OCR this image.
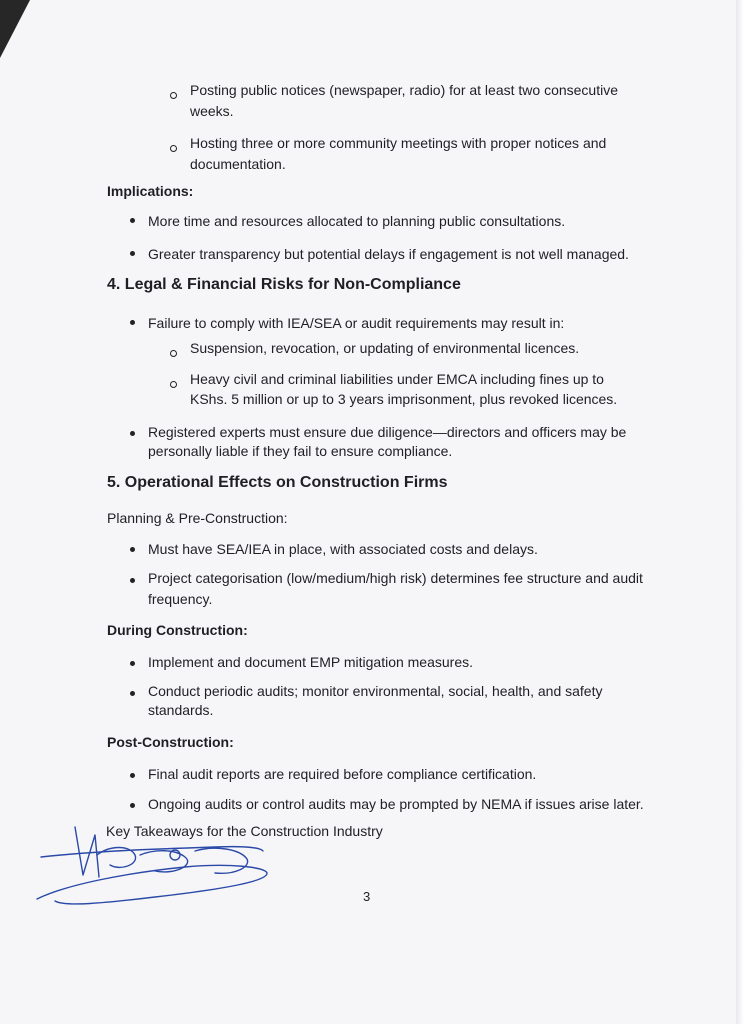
Posting public notices (newspaper, radio) for at least two consecutive
weeks.
Hosting three or more community meetings with proper notices and
documentation.
Implications:
More time and resources allocated to planning public consultations.
Greater transparency but potential delays if engagement is not well managed.
4. Legal & Financial Risks for Non-Compliance
Failure to comply with IEA/SEA or audit requirements may result in:
Suspension, revocation, or updating of environmental licences.
Heavy civil and criminal liabilities under EMCA including fines up to
KShs. 5 million or up to 3 years imprisonment, plus revoked licences.
Registered experts must ensure due diligence—directors and officers may be
personally liable if they fail to ensure compliance.
5. Operational Effects on Construction Firms
Planning & Pre-Construction:
Must have SEA/IEA in place, with associated costs and delays.
Project categorisation (low/medium/high risk) determines fee structure and audit
frequency.
During Construction:
Implement and document EMP mitigation measures.
Conduct periodic audits; monitor environmental, social, health, and safety
standards.
Post-Construction:
Final audit reports are required before compliance certification.
Ongoing audits or control audits may be prompted by NEMA if issues arise later.
Key Takeaways for the Construction Industry
3
